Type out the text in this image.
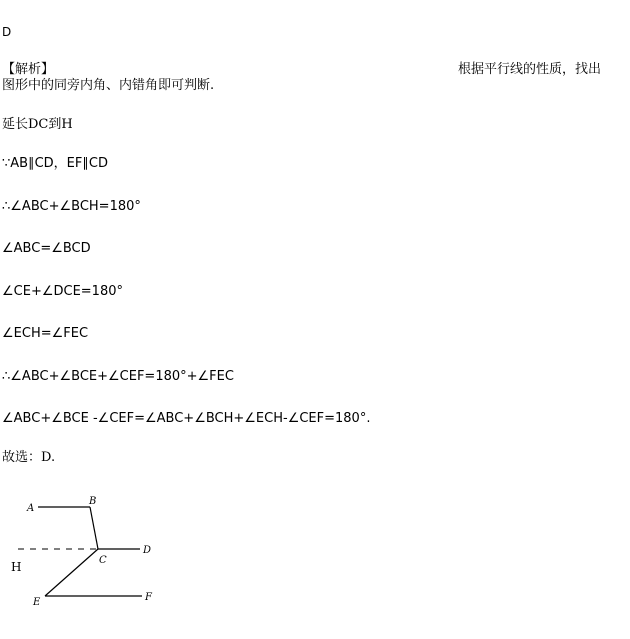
D
【解析】	根据平行线的性质，找出
图形中的同旁内角、内错角即可判断.
延长DC到H
∵AB∥CD，EF∥CD
∴∠ABC+∠BCH=180°
∠ABC=∠BCD
∠CE+∠DCE=180°
∠ECH=∠FEC
∴∠ABC+∠BCE+∠CEF=180°+∠FEC
∠ABC+∠BCE -∠CEF=∠ABC+∠BCH+∠ECH-∠CEF=180°.
故选：D.
A
B
C
D
E	F
H
